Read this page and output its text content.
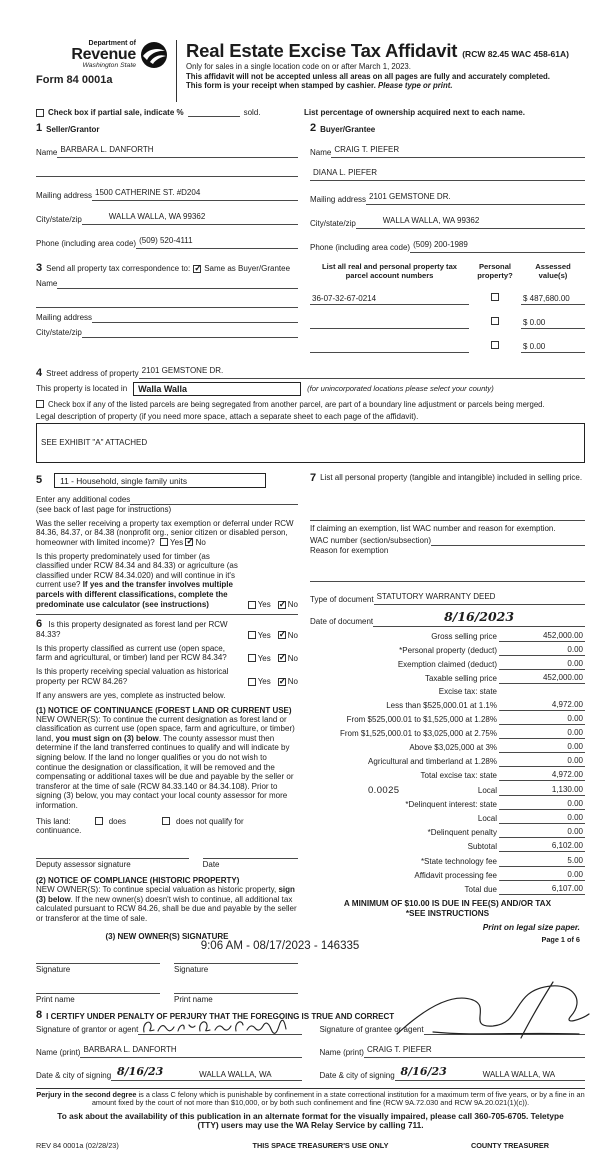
Department of
Revenue
Washington State
Form 84 0001a
Real Estate Excise Tax Affidavit (RCW 82.45 WAC 458-61A)
Only for sales in a single location code on or after March 1, 2023.
This affidavit will not be accepted unless all areas on all pages are fully and accurately completed.
This form is your receipt when stamped by cashier. Please type or print.
Check box if partial sale, indicate %	sold.	List percentage of ownership acquired next to each name.
1 Seller/Grantor
Name BARBARA L. DANFORTH
Mailing address 1500 CATHERINE ST. #D204
City/state/zip	WALLA WALLA, WA 99362
Phone (including area code) (509) 520-4111
2 Buyer/Grantee
Name CRAIG T. PIEFER
DIANA L. PIEFER
Mailing address 2101 GEMSTONE DR.
City/state/zip	WALLA WALLA, WA 99362
Phone (including area code) (509) 200-1989
3 Send all property tax correspondence to: ✓ Same as Buyer/Grantee
Name
Mailing address
City/state/zip
List all real and personal property tax parcel account numbers
Personal property?
Assessed value(s)
36-07-32-67-0214	$ 487,680.00
$ 0.00
$ 0.00
4 Street address of property 2101 GEMSTONE DR.
This property is located in	Walla Walla	(for unincorporated locations please select your county)
Check box if any of the listed parcels are being segregated from another parcel, are part of a boundary line adjustment or parcels being merged.
Legal description of property (if you need more space, attach a separate sheet to each page of the affidavit).
SEE EXHIBIT "A" ATTACHED
5	11 - Household, single family units
Enter any additional codes
(see back of last page for instructions)
Was the seller receiving a property tax exemption or deferral under RCW 84.36, 84.37, or 84.38 (nonprofit org., senior citizen or disabled person, homeowner with limited income)? Yes ✓ No
Is this property predominately used for timber (as classified under RCW 84.34 and 84.33) or agriculture (as classified under RCW 84.34.020) and will continue in it's current use? If yes and the transfer involves multiple parcels with different classifications, complete the predominate use calculator (see instructions)	Yes ✓ No
6 Is this property designated as forest land per RCW 84.33?	Yes ✓ No
Is this property classified as current use (open space, farm and agricultural, or timber) land per RCW 84.34?	Yes ✓ No
Is this property receiving special valuation as historical property per RCW 84.26?	Yes ✓ No
If any answers are yes, complete as instructed below.
(1) NOTICE OF CONTINUANCE (FOREST LAND OR CURRENT USE)
NEW OWNER(S): To continue the current designation as forest land or classification as current use (open space, farm and agriculture, or timber) land, you must sign on (3) below. The county assessor must then determine if the land transferred continues to qualify and will indicate by signing below. If the land no longer qualifies or you do not wish to continue the designation or classification, it will be removed and the compensating or additional taxes will be due and payable by the seller or transferor at the time of sale (RCW 84.33.140 or 84.34.108). Prior to signing (3) below, you may contact your local county assessor for more information.
This land:	does	does not qualify for
continuance.
Deputy assessor signature	Date
(2) NOTICE OF COMPLIANCE (HISTORIC PROPERTY)
NEW OWNER(S): To continue special valuation as historic property, sign (3) below. If the new owner(s) doesn't wish to continue, all additional tax calculated pursuant to RCW 84.26, shall be due and payable by the seller or transferor at the time of sale.
(3) NEW OWNER(S) SIGNATURE
Signature	Signature
Print name	Print name
7 List all personal property (tangible and intangible) included in selling price.
If claiming an exemption, list WAC number and reason for exemption.
WAC number (section/subsection)
Reason for exemption
Type of document STATUTORY WARRANTY DEED
Date of document	8/16/2023
Gross selling price	452,000.00
*Personal property (deduct)	0.00
Exemption claimed (deduct)	0.00
Taxable selling price	452,000.00
Excise tax: state
Less than $525,000.01 at 1.1%	4,972.00
From $525,000.01 to $1,525,000 at 1.28%	0.00
From $1,525,000.01 to $3,025,000 at 2.75%	0.00
Above $3,025,000 at 3%	0.00
Agricultural and timberland at 1.28%	0.00
Total excise tax: state	4,972.00
0.0025	Local	1,130.00
*Delinquent interest: state	0.00
Local	0.00
*Delinquent penalty	0.00
Subtotal	6,102.00
*State technology fee	5.00
Affidavit processing fee	0.00
Total due	6,107.00
A MINIMUM OF $10.00 IS DUE IN FEE(S) AND/OR TAX
*SEE INSTRUCTIONS
8 I CERTIFY UNDER PENALTY OF PERJURY THAT THE FOREGOING IS TRUE AND CORRECT
Signature of grantor or agent
Name (print) BARBARA L. DANFORTH
Date & city of signing 8/16/23	WALLA WALLA, WA
Signature of grantee or agent
Name (print) CRAIG T. PIEFER
Date & city of signing 8/16/23	WALLA WALLA, WA
Perjury in the second degree is a class C felony which is punishable by confinement in a state correctional institution for a maximum term of five years, or by a fine in an amount fixed by the court of not more than $10,000, or by both such confinement and fine (RCW 9A.72.030 and RCW 9A.20.021(1)(c)).
To ask about the availability of this publication in an alternate format for the visually impaired, please call 360-705-6705. Teletype
(TTY) users may use the WA Relay Service by calling 711.
REV 84 0001a (02/28/23)	THIS SPACE TREASURER'S USE ONLY	COUNTY TREASURER
Print on legal size paper.
Page 1 of 6
9:06 AM - 08/17/2023 - 146335
